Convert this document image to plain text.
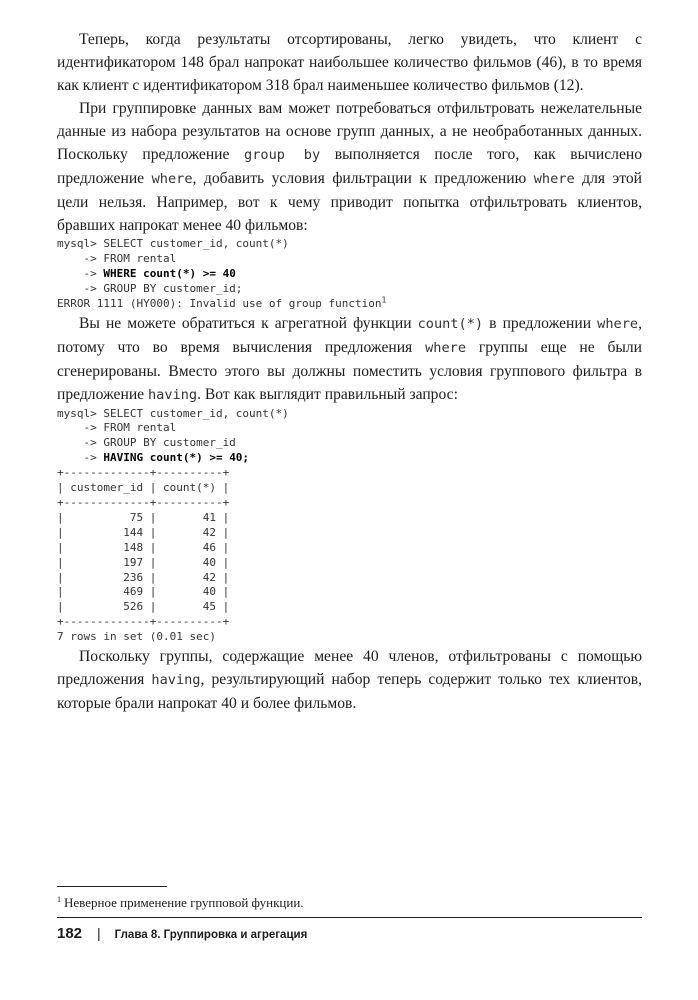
Теперь, когда результаты отсортированы, легко увидеть, что клиент с идентификатором 148 брал напрокат наибольшее количество фильмов (46), в то время как клиент с идентификатором 318 брал наименьшее количество фильмов (12).

При группировке данных вам может потребоваться отфильтровать нежелательные данные из набора результатов на основе групп данных, а не необработанных данных. Поскольку предложение group by выполняется после того, как вычислено предложение where, добавить условия фильтрации к предложению where для этой цели нельзя. Например, вот к чему приводит попытка отфильтровать клиентов, бравших напрокат менее 40 фильмов:

mysql> SELECT customer_id, count(*)
-> FROM rental
-> WHERE count(*) >= 40
-> GROUP BY customer_id;
ERROR 1111 (HY000): Invalid use of group function$^1$

Вы не можете обратиться к агрегатной функции count(*) в предложении where, потому что во время вычисления предложения where группы еще не были сгенерированы. Вместо этого вы должны поместить условия группового фильтра в предложение having. Вот как выглядит правильный запрос:

mysql> SELECT customer_id, count(*)
-> FROM rental
-> GROUP BY customer_id
-> HAVING count(*) >= 40;
+-------------+----------+
| customer_id | count(*) |
+-------------+----------+
|          75 |       41 |
|         144 |       42 |
|         148 |       46 |
|         197 |       40 |
|         236 |       42 |
|         469 |       40 |
|         526 |       45 |
+-------------+----------+
7 rows in set (0.01 sec)

Поскольку группы, содержащие менее 40 членов, отфильтрованы с помощью предложения having, результирующий набор теперь содержит только тех клиентов, которые брали напрокат 40 и более фильмов.

$^1$ Неверное применение групповой функции.
182 | Глава 8. Группировка и агрегация
